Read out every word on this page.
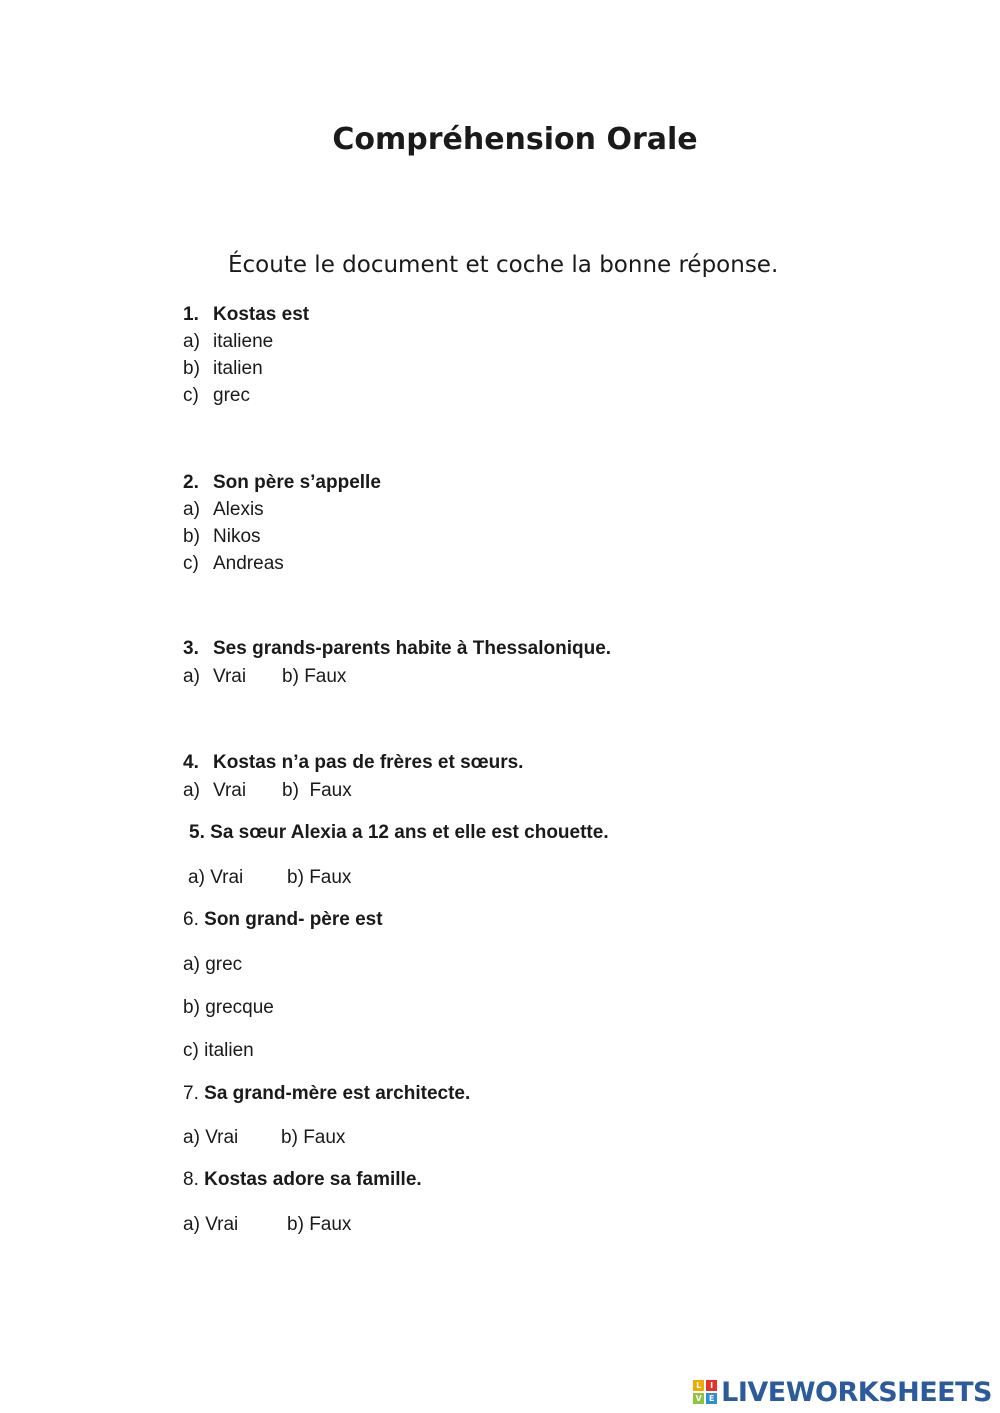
Compréhension Orale
Écoute le document et coche la bonne réponse.
1. Kostas est
a) italiene
b) italien
c) grec
2. Son père s’appelle
a) Alexis
b) Nikos
c) Andreas
3. Ses grands-parents habite à Thessalonique.
a) Vrai b) Faux
4. Kostas n’a pas de frères et sœurs.
a) Vrai b) Faux
5. Sa sœur Alexia a 12 ans et elle est chouette.
a) Vrai b) Faux
6. Son grand- père est
a) grec
b) grecque
c) italien
7. Sa grand-mère est architecte.
a) Vrai b) Faux
8. Kostas adore sa famille.
a) Vrai	b) Faux
L	I
V E LIVEWORKSHEETS
